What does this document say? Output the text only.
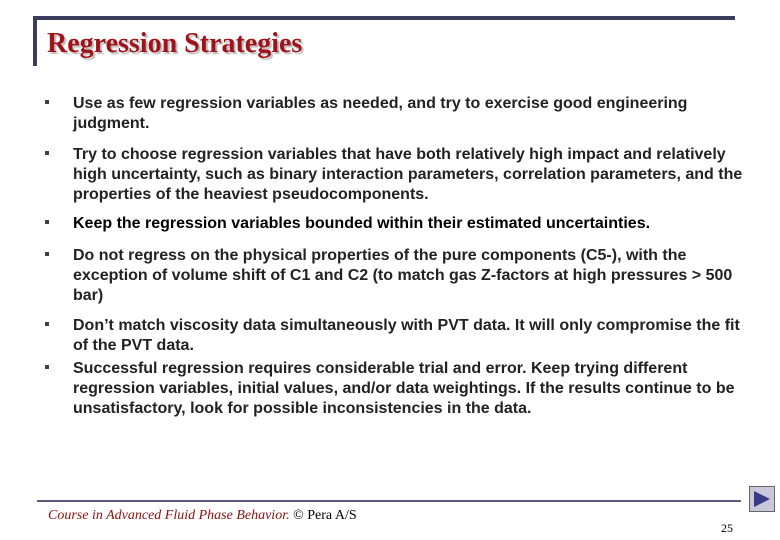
Regression Strategies
Use as few regression variables as needed, and try to exercise good engineering judgment.
Try to choose regression variables that have both relatively high impact and relatively high uncertainty, such as binary interaction parameters, correlation parameters, and the properties of the heaviest pseudocomponents.
Keep the regression variables bounded within their estimated uncertainties.
Do not regress on the physical properties of the pure components (C5-), with the exception of volume shift of C1 and C2 (to match gas Z-factors at high pressures > 500 bar)
Don’t match viscosity data simultaneously with PVT data. It will only compromise the fit of the PVT data.
Successful regression requires considerable trial and error. Keep trying different regression variables, initial values, and/or data weightings. If the results continue to be unsatisfactory, look for possible inconsistencies in the data.
Course in Advanced Fluid Phase Behavior. © Pera A/S
25
